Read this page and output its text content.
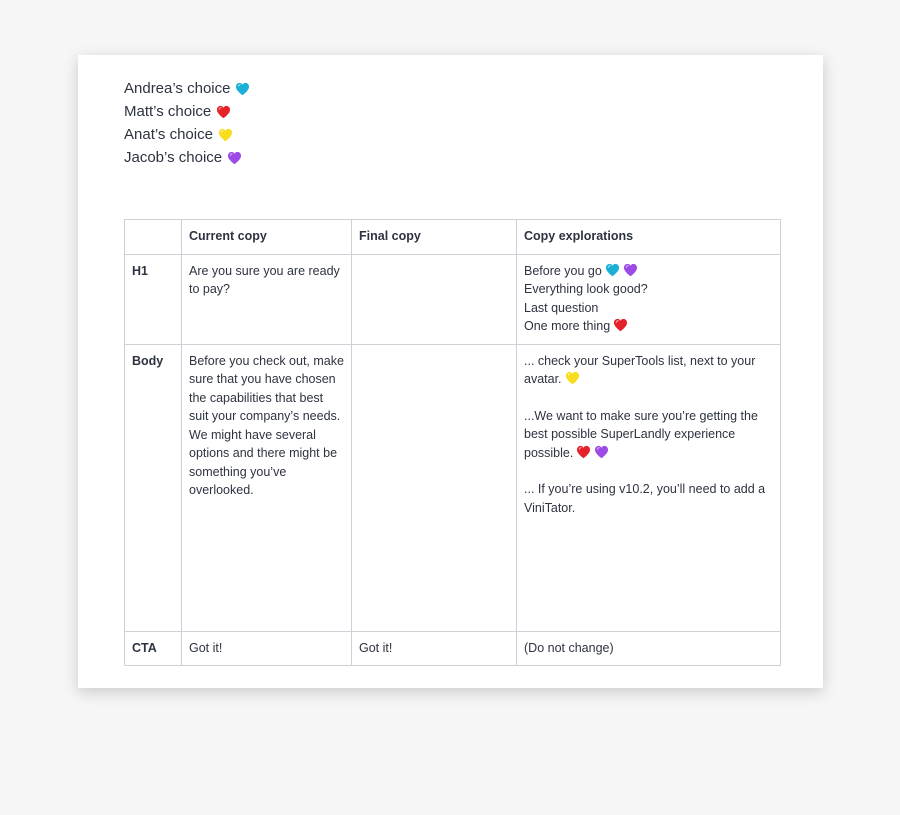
Andrea’s choice
Matt’s choice
Anat’s choice
Jacob’s choice
	Current copy	Final copy	Copy explorations
H1	Are you sure you are ready to pay?		Before you go
Everything look good?
Last question
One more thing

Body	Before you check out, make sure that you have chosen the capabilities that best suit your company’s needs. We might have several options and there might be something you’ve overlooked.		... check your SuperTools list, next to your avatar.
...We want to make sure you’re getting the best possible SuperLandly experience possible.
... If you’re using v10.2, you’ll need to add a ViniTator.

CTA	Got it!	Got it!	(Do not change)
